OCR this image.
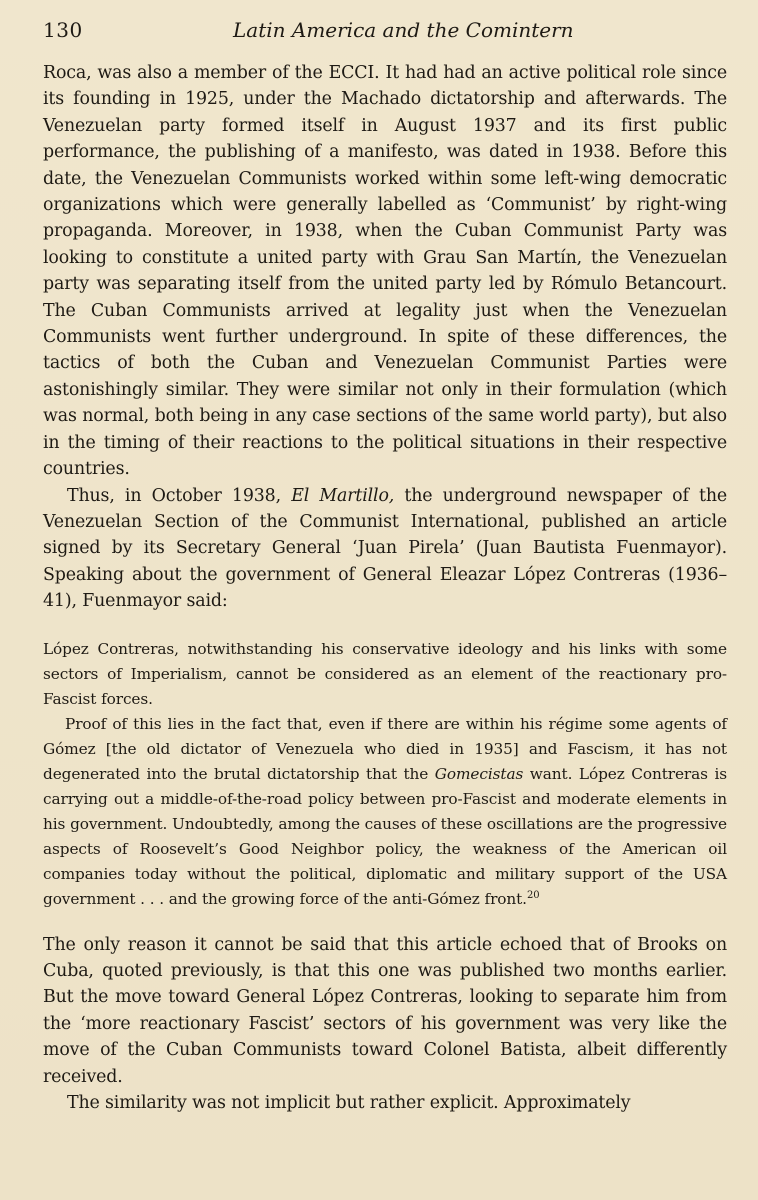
130	Latin America and the Comintern

Roca, was also a member of the ECCI. It had had an active political role since its founding in 1925, under the Machado dictatorship and afterwards. The Venezuelan party formed itself in August 1937 and its first public performance, the publishing of a manifesto, was dated in 1938. Before this date, the Venezuelan Communists worked within some left-wing democratic organizations which were generally labelled as ‘Communist’ by right-wing propaganda. Moreover, in 1938, when the Cuban Communist Party was looking to constitute a united party with Grau San Martín, the Venezuelan party was separating itself from the united party led by Rómulo Betancourt. The Cuban Communists arrived at legality just when the Venezuelan Communists went further underground. In spite of these differences, the tactics of both the Cuban and Venezuelan Communist Parties were astonishingly similar. They were similar not only in their formulation (which was normal, both being in any case sections of the same world party), but also in the timing of their reactions to the political situations in their respective countries.

Thus, in October 1938, El Martillo, the underground newspaper of the Venezuelan Section of the Communist International, published an article signed by its Secretary General ‘Juan Pirela’ (Juan Bautista Fuenmayor). Speaking about the government of General Eleazar López Contreras (1936–41), Fuenmayor said:

López Contreras, notwithstanding his conservative ideology and his links with some sectors of Imperialism, cannot be considered as an element of the reactionary pro-Fascist forces.

Proof of this lies in the fact that, even if there are within his régime some agents of Gómez [the old dictator of Venezuela who died in 1935] and Fascism, it has not degenerated into the brutal dictatorship that the Gomecistas want. López Contreras is carrying out a middle-of-the-road policy between pro-Fascist and moderate elements in his government. Undoubtedly, among the causes of these oscillations are the progressive aspects of Roosevelt’s Good Neighbor policy, the weakness of the American oil companies today without the political, diplomatic and military support of the USA government . . . and the growing force of the anti-Gómez front.$^{20}$

The only reason it cannot be said that this article echoed that of Brooks on Cuba, quoted previously, is that this one was published two months earlier. But the move toward General López Contreras, looking to separate him from the ‘more reactionary Fascist’ sectors of his government was very like the move of the Cuban Communists toward Colonel Batista, albeit differently received.

The similarity was not implicit but rather explicit. Approximately
